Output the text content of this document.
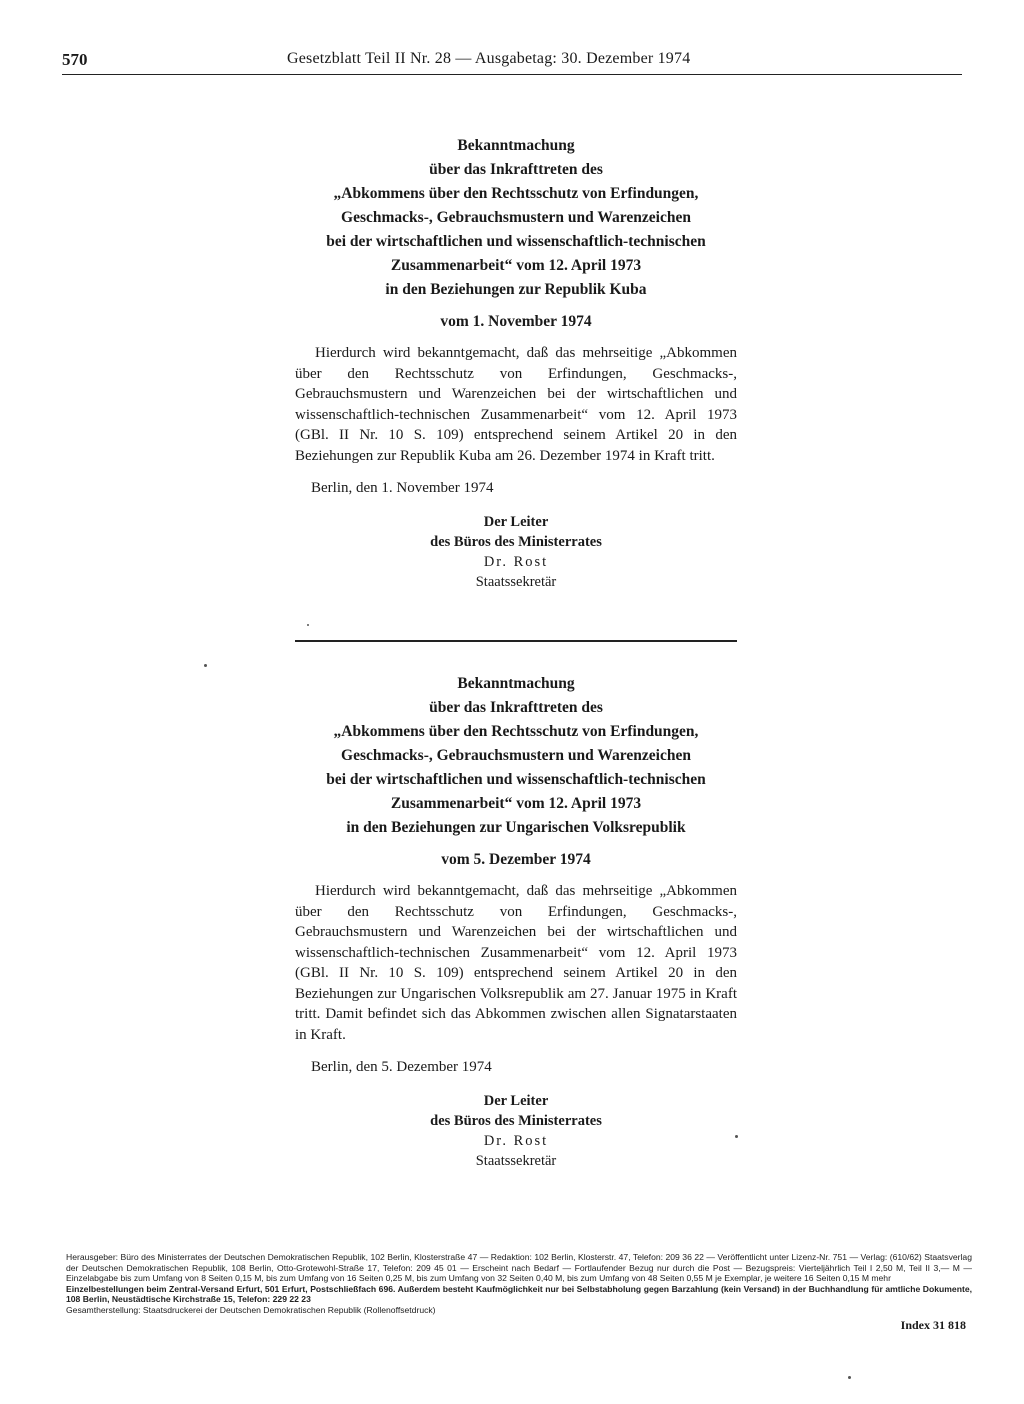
570	Gesetzblatt Teil II Nr. 28 — Ausgabetag: 30. Dezember 1974
Bekanntmachung
über das Inkrafttreten des
„Abkommens über den Rechtsschutz von Erfindungen,
Geschmacks-, Gebrauchsmustern und Warenzeichen
bei der wirtschaftlichen und wissenschaftlich-technischen
Zusammenarbeit“ vom 12. April 1973
in den Beziehungen zur Republik Kuba
vom 1. November 1974
Hierdurch wird bekanntgemacht, daß das mehrseitige „Abkommen über den Rechtsschutz von Erfindungen, Geschmacks-, Gebrauchsmustern und Warenzeichen bei der wirtschaftlichen und wissenschaftlich-technischen Zusammenarbeit“ vom 12. April 1973 (GBl. II Nr. 10 S. 109) entsprechend seinem Artikel 20 in den Beziehungen zur Republik Kuba am 26. Dezember 1974 in Kraft tritt.
Berlin, den 1. November 1974
Der Leiter
des Büros des Ministerrates
Dr. Rost
Staatssekretär
Bekanntmachung
über das Inkrafttreten des
„Abkommens über den Rechtsschutz von Erfindungen,
Geschmacks-, Gebrauchsmustern und Warenzeichen
bei der wirtschaftlichen und wissenschaftlich-technischen
Zusammenarbeit“ vom 12. April 1973
in den Beziehungen zur Ungarischen Volksrepublik
vom 5. Dezember 1974
Hierdurch wird bekanntgemacht, daß das mehrseitige „Abkommen über den Rechtsschutz von Erfindungen, Geschmacks-, Gebrauchsmustern und Warenzeichen bei der wirtschaftlichen und wissenschaftlich-technischen Zusammenarbeit“ vom 12. April 1973 (GBl. II Nr. 10 S. 109) entsprechend seinem Artikel 20 in den Beziehungen zur Ungarischen Volksrepublik am 27. Januar 1975 in Kraft tritt. Damit befindet sich das Abkommen zwischen allen Signatarstaaten in Kraft.
Berlin, den 5. Dezember 1974
Der Leiter
des Büros des Ministerrates
Dr. Rost
Staatssekretär
Herausgeber: Büro des Ministerrates der Deutschen Demokratischen Republik, 102 Berlin, Klosterstraße 47 — Redaktion: 102 Berlin, Klosterstr. 47, Telefon: 209 36 22 — Veröffentlicht unter Lizenz-Nr. 751 — Verlag: (610/62) Staatsverlag der Deutschen Demokratischen Republik, 108 Berlin, Otto-Grotewohl-Straße 17, Telefon: 209 45 01 — Erscheint nach Bedarf — Fortlaufender Bezug nur durch die Post — Bezugspreis: Vierteljährlich Teil I 2,50 M, Teil II 3,— M — Einzelabgabe bis zum Umfang von 8 Seiten 0,15 M, bis zum Umfang von 16 Seiten 0,25 M, bis zum Umfang von 32 Seiten 0,40 M, bis zum Umfang von 48 Seiten 0,55 M je Exemplar, je weitere 16 Seiten 0,15 M mehr
Einzelbestellungen beim Zentral-Versand Erfurt, 501 Erfurt, Postschließfach 696. Außerdem besteht Kaufmöglichkeit nur bei Selbstabholung gegen Barzahlung (kein Versand) in der Buchhandlung für amtliche Dokumente, 108 Berlin, Neustädtische Kirchstraße 15, Telefon: 229 22 23
Gesamtherstellung: Staatsdruckerei der Deutschen Demokratischen Republik (Rollenoffsetdruck)
Index 31 818
